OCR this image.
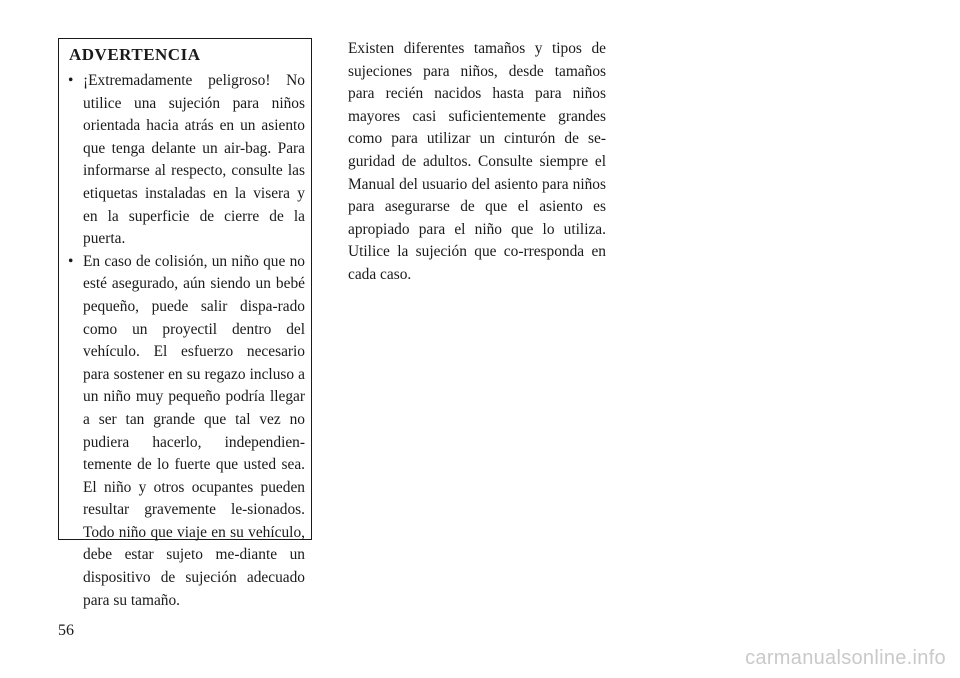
ADVERTENCIA
• ¡Extremadamente peligroso! No utilice una sujeción para niños orientada hacia atrás en un asiento que tenga delante un air-bag. Para informarse al respecto, consulte las etiquetas instaladas en la visera y en la superficie de cierre de la puerta.
• En caso de colisión, un niño que no esté asegurado, aún siendo un bebé pequeño, puede salir dispa-rado como un proyectil dentro del vehículo. El esfuerzo necesario para sostener en su regazo incluso a un niño muy pequeño podría llegar a ser tan grande que tal vez no pudiera hacerlo, independien-temente de lo fuerte que usted sea. El niño y otros ocupantes pueden resultar gravemente le-sionados. Todo niño que viaje en su vehículo, debe estar sujeto me-diante un dispositivo de sujeción adecuado para su tamaño.

Existen diferentes tamaños y tipos de sujeciones para niños, desde tamaños para recién nacidos hasta para niños mayores casi suficientemente grandes como para utilizar un cinturón de se-guridad de adultos. Consulte siempre el Manual del usuario del asiento para niños para asegurarse de que el asiento es apropiado para el niño que lo utiliza. Utilice la sujeción que co-rresponda en cada caso.

56

carmanualsonline.info
